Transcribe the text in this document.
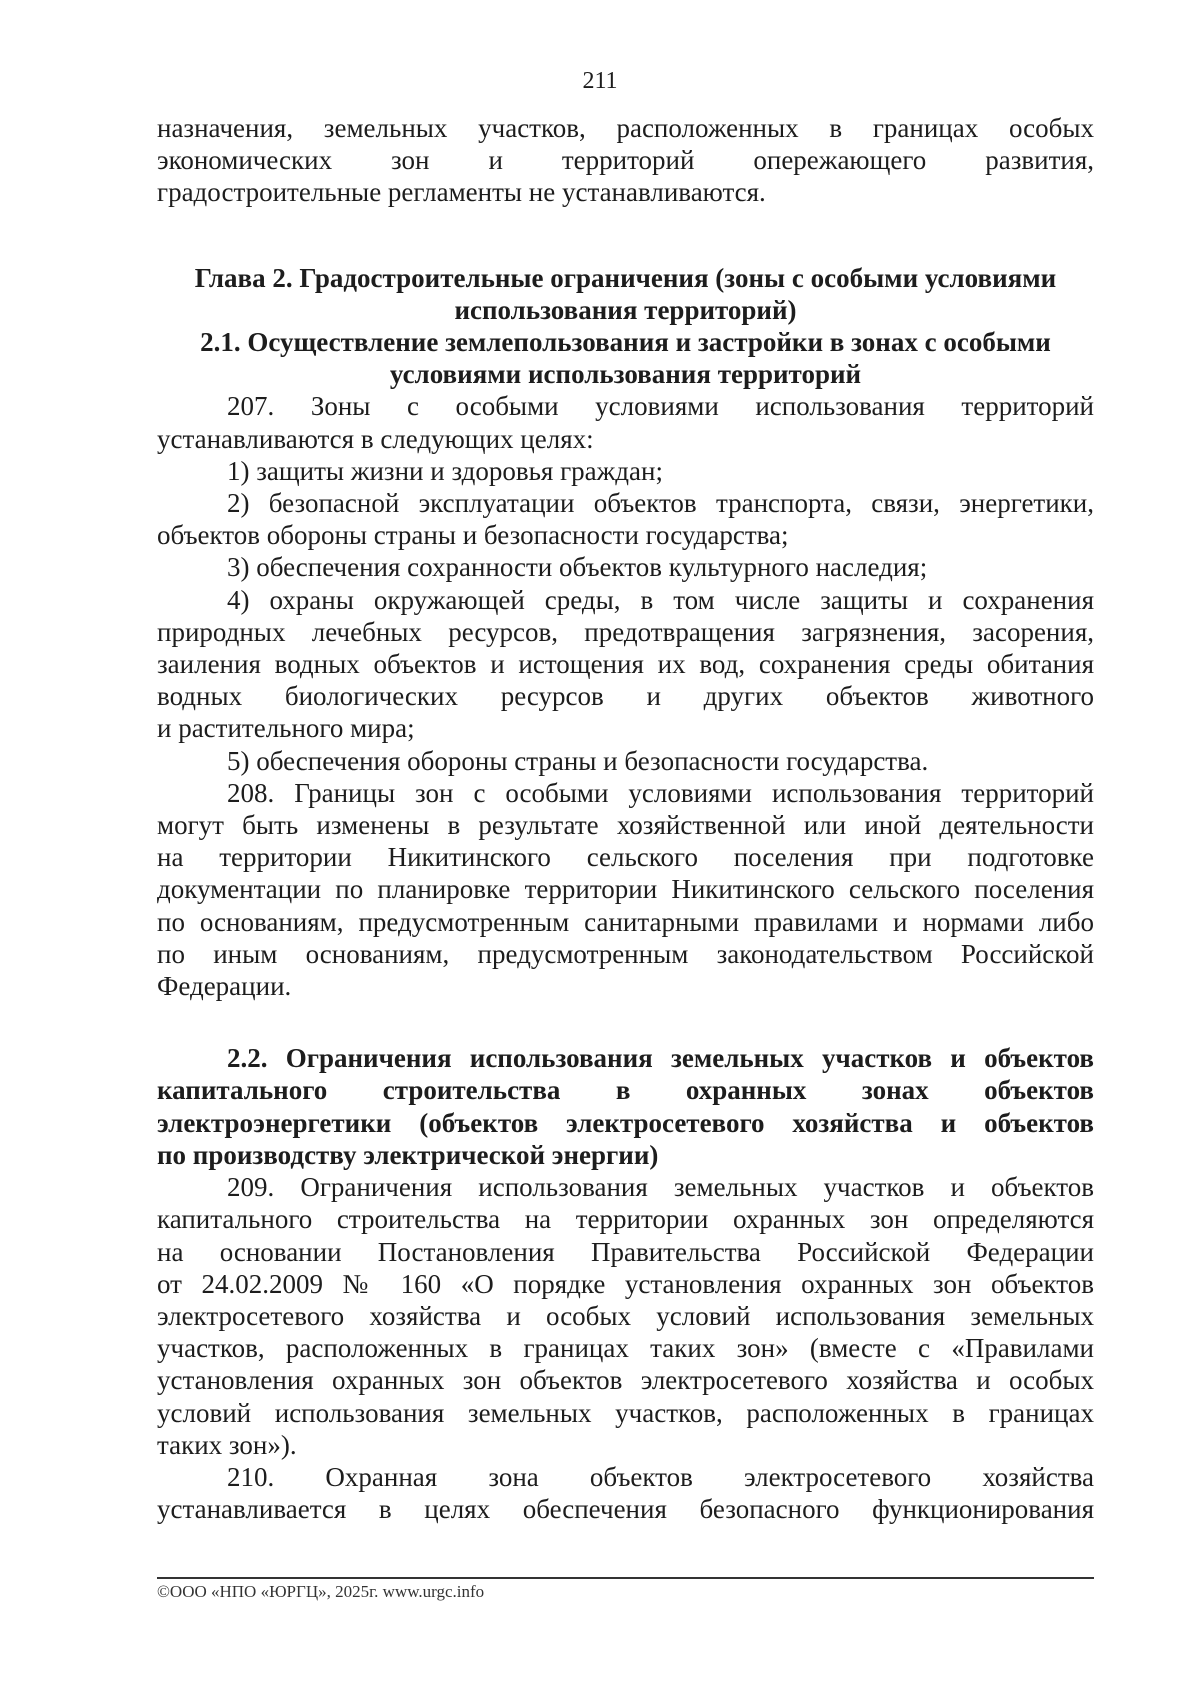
211

назначения, земельных участков, расположенных в границах особых

экономических зон и территорий опережающего развития,

градостроительные регламенты не устанавливаются.

Глава 2. Градостроительные ограничения (зоны с особыми условиями

использования территорий)

2.1. Осуществление землепользования и застройки в зонах с особыми

условиями использования территорий

207. Зоны с особыми условиями использования территорий

устанавливаются в следующих целях:

1) защиты жизни и здоровья граждан;

2) безопасной эксплуатации объектов транспорта, связи, энергетики,

объектов обороны страны и безопасности государства;

3) обеспечения сохранности объектов культурного наследия;

4) охраны окружающей среды, в том числе защиты и сохранения

природных лечебных ресурсов, предотвращения загрязнения, засорения,

заиления водных объектов и истощения их вод, сохранения среды обитания

водных биологических ресурсов и других объектов животного

и растительного мира;

5) обеспечения обороны страны и безопасности государства.

208. Границы зон с особыми условиями использования территорий

могут быть изменены в результате хозяйственной или иной деятельности

на территории Никитинского сельского поселения при подготовке

документации по планировке территории Никитинского сельского поселения

по основаниям, предусмотренным санитарными правилами и нормами либо

по иным основаниям, предусмотренным законодательством Российской

Федерации.

2.2. Ограничения использования земельных участков и объектов

капитального строительства в охранных зонах объектов

электроэнергетики (объектов электросетевого хозяйства и объектов

по производству электрической энергии)

209. Ограничения использования земельных участков и объектов

капитального строительства на территории охранных зон определяются

на основании Постановления Правительства Российской Федерации

от 24.02.2009 № 160 «О порядке установления охранных зон объектов

электросетевого хозяйства и особых условий использования земельных

участков, расположенных в границах таких зон» (вместе с «Правилами

установления охранных зон объектов электросетевого хозяйства и особых

условий использования земельных участков, расположенных в границах

таких зон»).

210. Охранная зона объектов электросетевого хозяйства

устанавливается в целях обеспечения безопасного функционирования

©ООО «НПО «ЮРГЦ», 2025г. www.urgc.info
